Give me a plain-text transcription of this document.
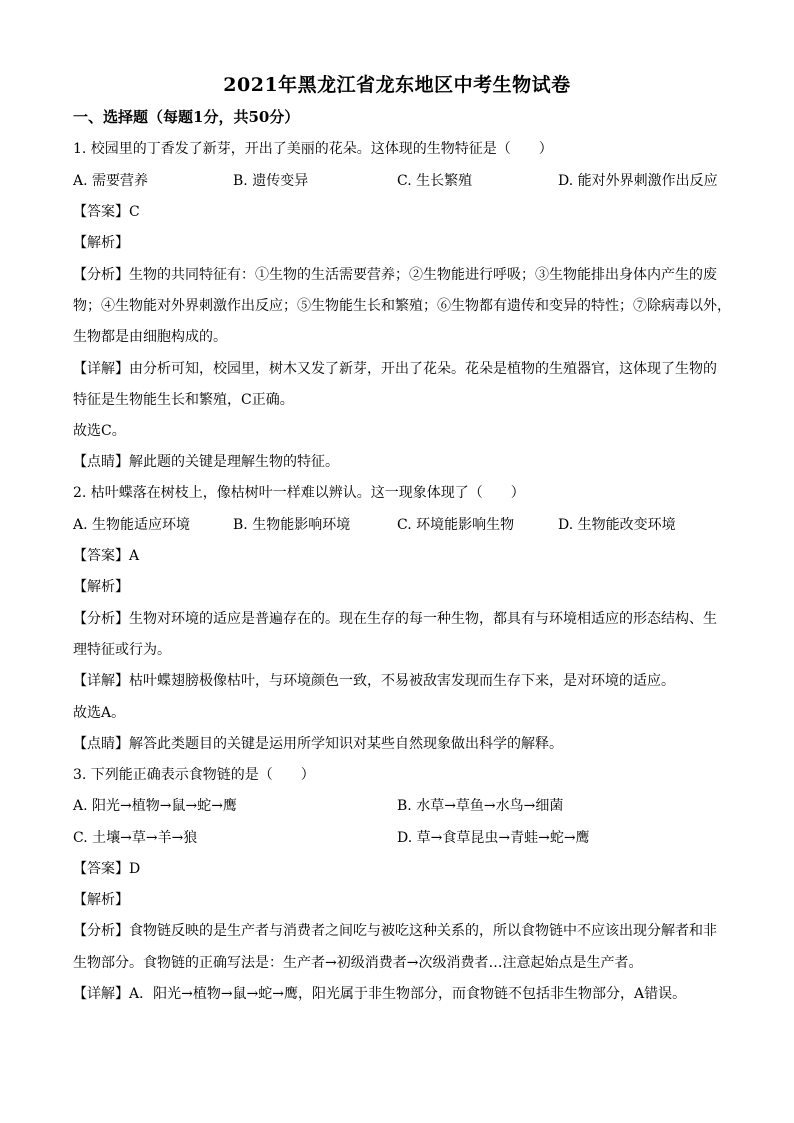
2021年黑龙江省龙东地区中考生物试卷
一、选择题（每题1分，共50分）
1. 校园里的丁香发了新芽，开出了美丽的花朵。这体现的生物特征是（　　）
A. 需要营养	B. 遗传变异	C. 生长繁殖	D. 能对外界刺激作出反应
【答案】C
【解析】
【分析】生物的共同特征有：①生物的生活需要营养；②生物能进行呼吸；③生物能排出身体内产生的废
物；④生物能对外界刺激作出反应；⑤生物能生长和繁殖；⑥生物都有遗传和变异的特性；⑦除病毒以外，
生物都是由细胞构成的。
【详解】由分析可知，校园里，树木又发了新芽，开出了花朵。花朵是植物的生殖器官，这体现了生物的
特征是生物能生长和繁殖，C正确。
故选C。
【点睛】解此题的关键是理解生物的特征。
2. 枯叶蝶落在树枝上，像枯树叶一样难以辨认。这一现象体现了（　　）
A. 生物能适应环境	B. 生物能影响环境	C. 环境能影响生物	D. 生物能改变环境
【答案】A
【解析】
【分析】生物对环境的适应是普遍存在的。现在生存的每一种生物，都具有与环境相适应的形态结构、生
理特征或行为。
【详解】枯叶蝶翅膀极像枯叶，与环境颜色一致，不易被敌害发现而生存下来，是对环境的适应。
故选A。
【点睛】解答此类题目的关键是运用所学知识对某些自然现象做出科学的解释。
3. 下列能正确表示食物链的是（　　）
A. 阳光→植物→鼠→蛇→鹰	B. 水草→草鱼→水鸟→细菌
C. 土壤→草→羊→狼	D. 草→食草昆虫→青蛙→蛇→鹰
【答案】D
【解析】
【分析】食物链反映的是生产者与消费者之间吃与被吃这种关系的，所以食物链中不应该出现分解者和非
生物部分。食物链的正确写法是：生产者→初级消费者→次级消费者…注意起始点是生产者。
【详解】A．阳光→植物→鼠→蛇→鹰，阳光属于非生物部分，而食物链不包括非生物部分，A错误。
